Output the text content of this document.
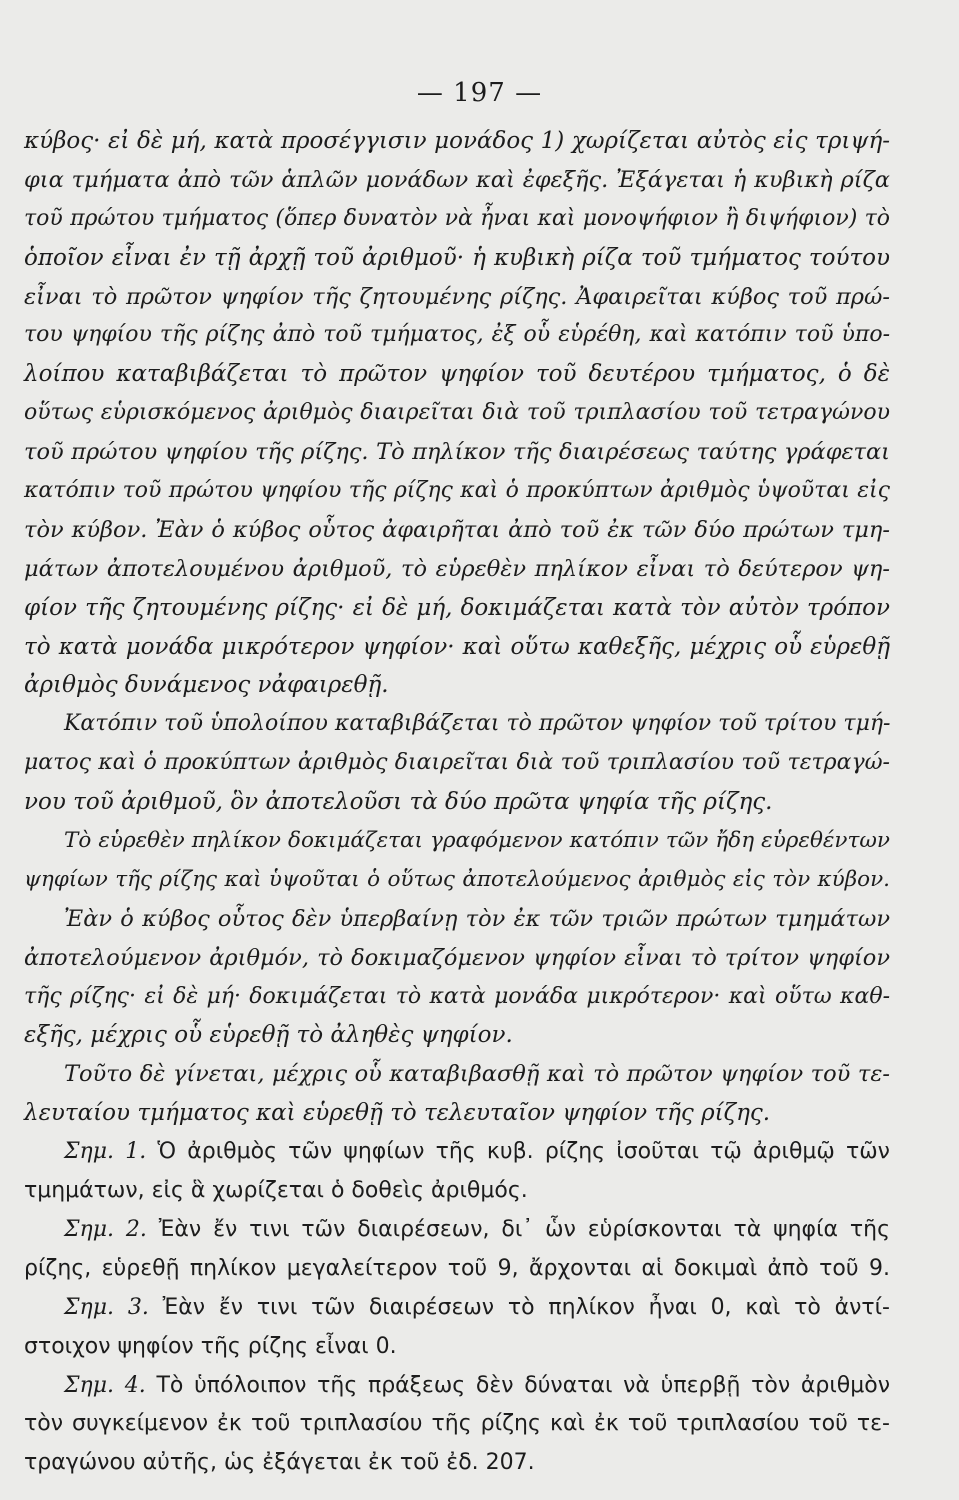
— 197 —
κύβος· εἰ δὲ μή, κατὰ προσέγγισιν μονάδος 1) χωρίζεται αὐτὸς εἰς τριψή-
φια τμήματα ἀπὸ τῶν ἁπλῶν μονάδων καὶ ἐφεξῆς. Ἐξάγεται ἡ κυβικὴ ρίζα
τοῦ πρώτου τμήματος (ὅπερ δυνατὸν νὰ ἦναι καὶ μονοψήφιον ἢ διψήφιον) τὸ
ὁποῖον εἶναι ἐν τῇ ἀρχῇ τοῦ ἀριθμοῦ· ἡ κυβικὴ ρίζα τοῦ τμήματος τούτου
εἶναι τὸ πρῶτον ψηφίον τῆς ζητουμένης ρίζης. Ἀφαιρεῖται κύβος τοῦ πρώ-
του ψηφίου τῆς ρίζης ἀπὸ τοῦ τμήματος, ἐξ οὗ εὑρέθη, καὶ κατόπιν τοῦ ὑπο-
λοίπου καταβιβάζεται τὸ πρῶτον ψηφίον τοῦ δευτέρου τμήματος, ὁ δὲ
οὕτως εὑρισκόμενος ἀριθμὸς διαιρεῖται διὰ τοῦ τριπλασίου τοῦ τετραγώνου
τοῦ πρώτου ψηφίου τῆς ρίζης. Τὸ πηλίκον τῆς διαιρέσεως ταύτης γράφεται
κατόπιν τοῦ πρώτου ψηφίου τῆς ρίζης καὶ ὁ προκύπτων ἀριθμὸς ὑψοῦται εἰς
τὸν κύβον. Ἐὰν ὁ κύβος οὗτος ἀφαιρῆται ἀπὸ τοῦ ἐκ τῶν δύο πρώτων τμη-
μάτων ἀποτελουμένου ἀριθμοῦ, τὸ εὑρεθὲν πηλίκον εἶναι τὸ δεύτερον ψη-
φίον τῆς ζητουμένης ρίζης· εἰ δὲ μή, δοκιμάζεται κατὰ τὸν αὐτὸν τρόπον
τὸ κατὰ μονάδα μικρότερον ψηφίον· καὶ οὕτω καθεξῆς, μέχρις οὗ εὑρεθῇ
ἀριθμὸς δυνάμενος νἀφαιρεθῇ.
Κατόπιν τοῦ ὑπολοίπου καταβιβάζεται τὸ πρῶτον ψηφίον τοῦ τρίτου τμή-
ματος καὶ ὁ προκύπτων ἀριθμὸς διαιρεῖται διὰ τοῦ τριπλασίου τοῦ τετραγώ-
νου τοῦ ἀριθμοῦ, ὃν ἀποτελοῦσι τὰ δύο πρῶτα ψηφία τῆς ρίζης.
Τὸ εὑρεθὲν πηλίκον δοκιμάζεται γραφόμενον κατόπιν τῶν ἤδη εὑρεθέντων
ψηφίων τῆς ρίζης καὶ ὑψοῦται ὁ οὕτως ἀποτελούμενος ἀριθμὸς εἰς τὸν κύβον.
Ἐὰν ὁ κύβος οὗτος δὲν ὑπερβαίνῃ τὸν ἐκ τῶν τριῶν πρώτων τμημάτων
ἀποτελούμενον ἀριθμόν, τὸ δοκιμαζόμενον ψηφίον εἶναι τὸ τρίτον ψηφίον
τῆς ρίζης· εἰ δὲ μή· δοκιμάζεται τὸ κατὰ μονάδα μικρότερον· καὶ οὕτω καθ-
εξῆς, μέχρις οὗ εὑρεθῇ τὸ ἀληθὲς ψηφίον.
Τοῦτο δὲ γίνεται, μέχρις οὗ καταβιβασθῇ καὶ τὸ πρῶτον ψηφίον τοῦ τε-
λευταίου τμήματος καὶ εὑρεθῇ τὸ τελευταῖον ψηφίον τῆς ρίζης.
Σημ. 1. Ὁ ἀριθμὸς τῶν ψηφίων τῆς κυβ. ρίζης ἰσοῦται τῷ ἀριθμῷ τῶν
τμημάτων, εἰς ἃ χωρίζεται ὁ δοθεὶς ἀριθμός.
Σημ. 2. Ἐὰν ἔν τινι τῶν διαιρέσεων, δι᾽ ὧν εὑρίσκονται τὰ ψηφία τῆς
ρίζης, εὑρεθῇ πηλίκον μεγαλείτερον τοῦ 9, ἄρχονται αἱ δοκιμαὶ ἀπὸ τοῦ 9.
Σημ. 3. Ἐὰν ἔν τινι τῶν διαιρέσεων τὸ πηλίκον ἦναι 0, καὶ τὸ ἀντί-
στοιχον ψηφίον τῆς ρίζης εἶναι 0.
Σημ. 4. Τὸ ὑπόλοιπον τῆς πράξεως δὲν δύναται νὰ ὑπερβῇ τὸν ἀριθμὸν
τὸν συγκείμενον ἐκ τοῦ τριπλασίου τῆς ρίζης καὶ ἐκ τοῦ τριπλασίου τοῦ τε-
τραγώνου αὐτῆς, ὡς ἐξάγεται ἐκ τοῦ ἐδ. 207.
